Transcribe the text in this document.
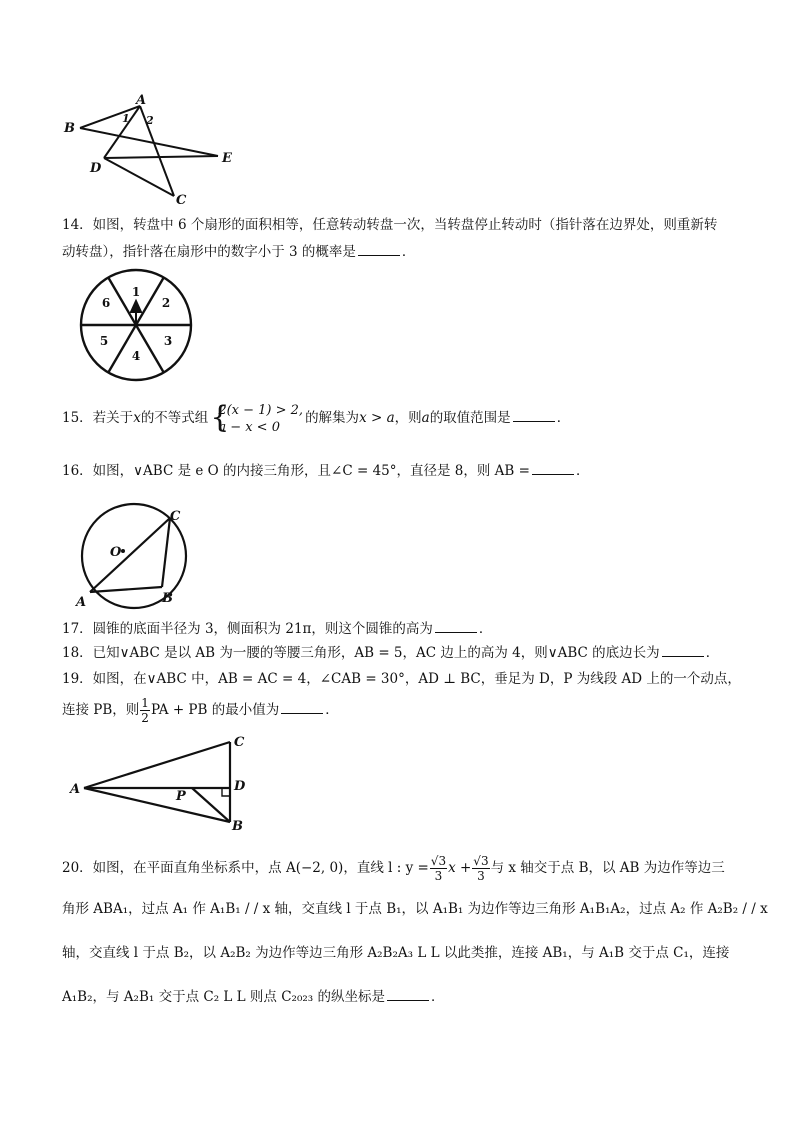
A
B
1 2
D
E
C
14．如图，转盘中 6 个扇形的面积相等，任意转动转盘一次，当转盘停止转动时（指针落在边界处，则重新转
动转盘），指针落在扇形中的数字小于 3 的概率是	．
1
2
3
4
5
6
15．若关于x的不等式组 {
2(x − 1) > 2,
a − x < 0
的解集为x > a，则a的取值范围是	．
16．如图，∨ABC 是 e O 的内接三角形，且∠C = 45°，直径是 8，则 AB =	．
C
O
A	B
17．圆锥的底面半径为 3，侧面积为 21π，则这个圆锥的高为	．
18．已知∨ABC 是以 AB 为一腰的等腰三角形，AB = 5，AC 边上的高为 4，则∨ABC 的底边长为	．
19．如图，在∨ABC 中，AB = AC = 4，∠CAB = 30°，AD ⊥ BC，垂足为 D，P 为线段 AD 上的一个动点，
连接 PB，则 $\frac{1}{2}$ PA + PB 的最小值为	．
C
A	D
P
B
20．如图，在平面直角坐标系中，点 A(−2, 0)，直线 l : $y = \frac{√3}{3}$ $x + \frac{√3}{3}$ 与 x 轴交于点 B，以 AB 为边作等边三
角形 ABA₁，过点 A₁ 作 A₁B₁ / / x 轴，交直线 l 于点 B₁，以 A₁B₁ 为边作等边三角形 A₁B₁A₂，过点 A₂ 作 A₂B₂ / / x
轴，交直线 l 于点 B₂，以 A₂B₂ 为边作等边三角形 A₂B₂A₃ L L 以此类推，连接 AB₁，与 A₁B 交于点 C₁，连接
A₁B₂，与 A₂B₁ 交于点 C₂ L L 则点 C₂₀₂₃ 的纵坐标是	．
